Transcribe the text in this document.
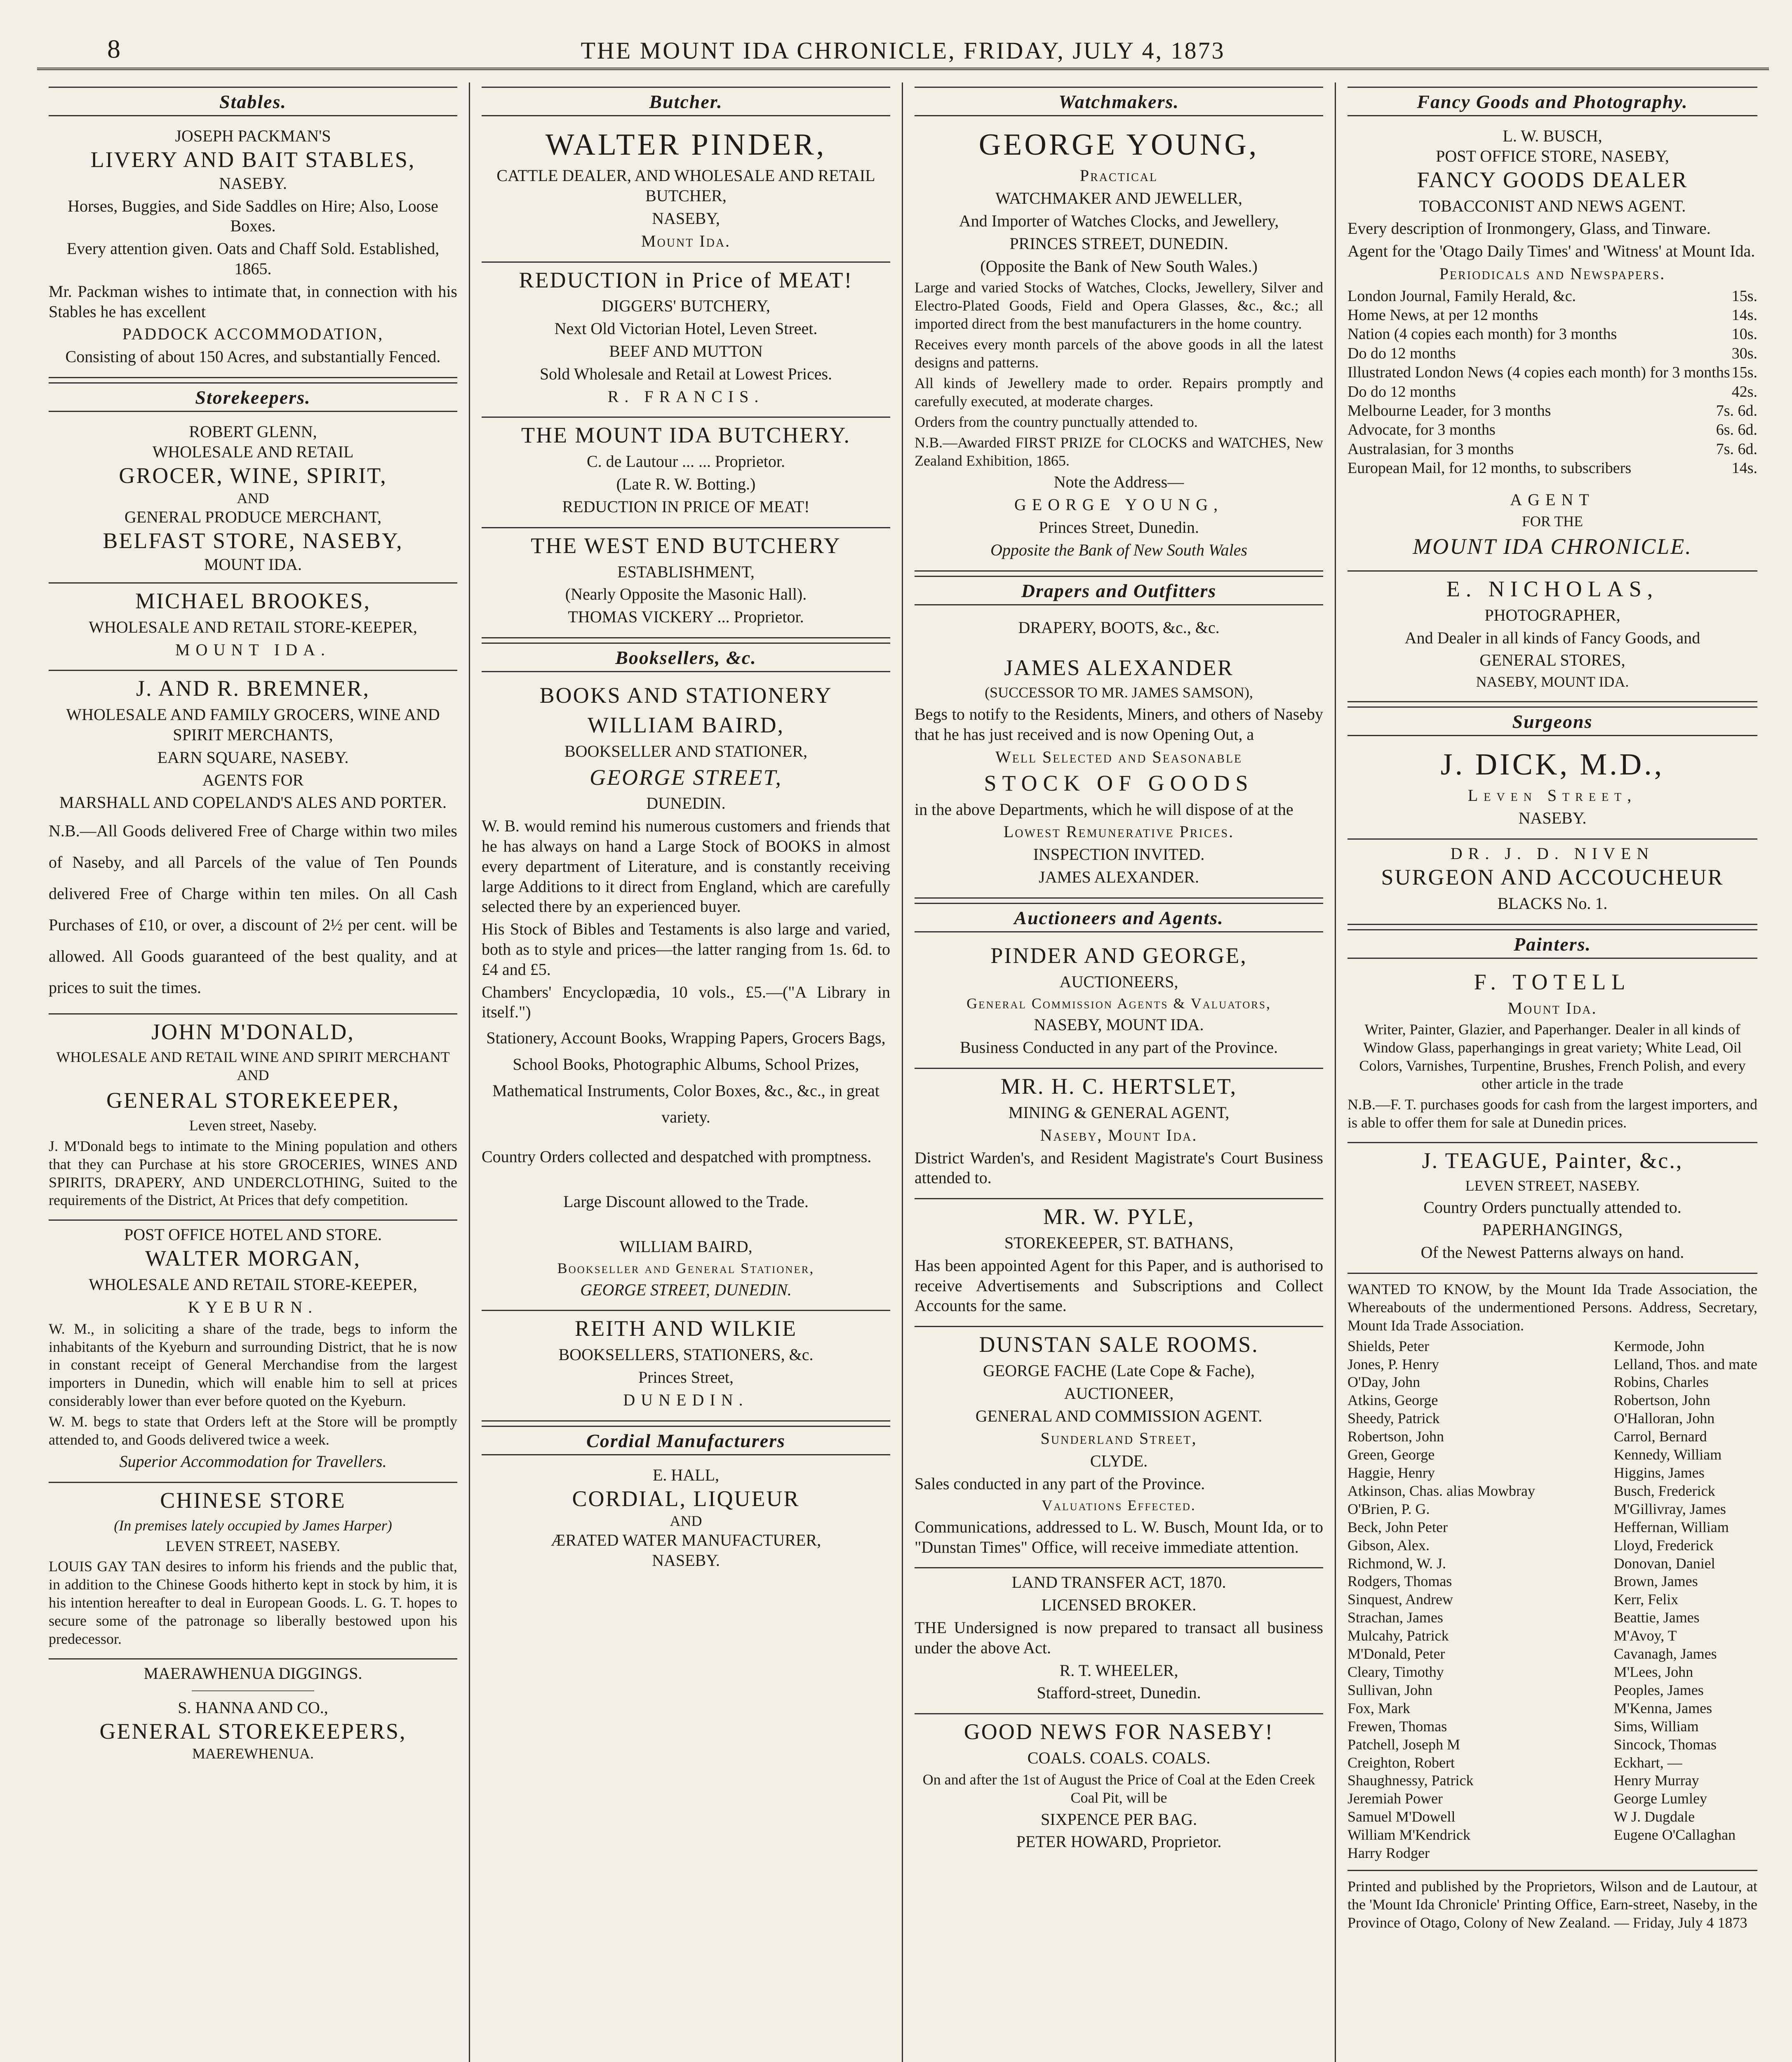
8	THE MOUNT IDA CHRONICLE, FRIDAY, JULY 4, 1873
Stables.
JOSEPH PACKMAN'S
LIVERY AND BAIT STABLES,
NASEBY.

Horses, Buggies, and Side Saddles on Hire; Also, Loose Boxes.

Every attention given. Oats and Chaff Sold. Established, 1865.

Mr. Packman wishes to intimate that, in connection with his Stables he has excellent

PADDOCK ACCOMMODATION,

Consisting of about 150 Acres, and substantially Fenced.

Storekeepers.
ROBERT GLENN,
WHOLESALE AND RETAIL
GROCER, WINE, SPIRIT,
AND
GENERAL PRODUCE MERCHANT,
BELFAST STORE, NASEBY,
MOUNT IDA.
MICHAEL BROOKES,

WHOLESALE AND RETAIL STORE-KEEPER,

MOUNT IDA.

J. AND R. BREMNER,

WHOLESALE AND FAMILY GROCERS, WINE AND SPIRIT MERCHANTS,

EARN SQUARE, NASEBY.

AGENTS FOR

MARSHALL AND COPELAND'S ALES AND PORTER.

N.B.—All Goods delivered Free of Charge within two miles of Naseby, and all Parcels of the value of Ten Pounds delivered Free of Charge within ten miles. On all Cash Purchases of £10, or over, a discount of 2½ per cent. will be allowed. All Goods guaranteed of the best quality, and at prices to suit the times.

JOHN M'DONALD,

WHOLESALE AND RETAIL WINE AND SPIRIT MERCHANT AND

GENERAL STOREKEEPER,

Leven street, Naseby.

J. M'Donald begs to intimate to the Mining population and others that they can Purchase at his store GROCERIES, WINES AND SPIRITS, DRAPERY, AND UNDERCLOTHING, Suited to the requirements of the District, At Prices that defy competition.

POST OFFICE HOTEL AND STORE.
WALTER MORGAN,

WHOLESALE AND RETAIL STORE-KEEPER,

KYEBURN.

W. M., in soliciting a share of the trade, begs to inform the inhabitants of the Kyeburn and surrounding District, that he is now in constant receipt of General Merchandise from the largest importers in Dunedin, which will enable him to sell at prices considerably lower than ever before quoted on the Kyeburn.

W. M. begs to state that Orders left at the Store will be promptly attended to, and Goods delivered twice a week.

Superior Accommodation for Travellers.

CHINESE STORE

(In premises lately occupied by James Harper)

LEVEN STREET, NASEBY.

LOUIS GAY TAN desires to inform his friends and the public that, in addition to the Chinese Goods hitherto kept in stock by him, it is his intention hereafter to deal in European Goods. L. G. T. hopes to secure some of the patronage so liberally bestowed upon his predecessor.

MAERAWHENUA DIGGINGS.
S. HANNA AND CO.,
GENERAL STOREKEEPERS,
MAEREWHENUA.
Butcher.
WALTER PINDER,

CATTLE DEALER, AND WHOLESALE AND RETAIL BUTCHER,

NASEBY,

Mount Ida.

REDUCTION in Price of MEAT!

DIGGERS' BUTCHERY,

Next Old Victorian Hotel, Leven Street.

BEEF AND MUTTON

Sold Wholesale and Retail at Lowest Prices.

R. FRANCIS.

THE MOUNT IDA BUTCHERY.

C. de Lautour ... ... Proprietor.

(Late R. W. Botting.)

REDUCTION IN PRICE OF MEAT!

THE WEST END BUTCHERY

ESTABLISHMENT,

(Nearly Opposite the Masonic Hall).

THOMAS VICKERY ... Proprietor.

Booksellers, &c.
BOOKS AND STATIONERY

WILLIAM BAIRD,

BOOKSELLER AND STATIONER,

GEORGE STREET,

DUNEDIN.

W. B. would remind his numerous customers and friends that he has always on hand a Large Stock of BOOKS in almost every department of Literature, and is constantly receiving large Additions to it direct from England, which are carefully selected there by an experienced buyer.

His Stock of Bibles and Testaments is also large and varied, both as to style and prices—the latter ranging from 1s. 6d. to £4 and £5.

Chambers' Encyclopædia, 10 vols., £5.—("A Library in itself.")

Stationery, Account Books, Wrapping Papers, Grocers Bags, School Books, Photographic Albums, School Prizes, Mathematical Instruments, Color Boxes, &c., &c., in great variety.

Country Orders collected and despatched with promptness.

Large Discount allowed to the Trade.

WILLIAM BAIRD,

Bookseller and General Stationer,

GEORGE STREET, DUNEDIN.

REITH AND WILKIE

BOOKSELLERS, STATIONERS, &c.

Princes Street,

DUNEDIN.

Cordial Manufacturers
E. HALL,
CORDIAL, LIQUEUR
AND
ÆRATED WATER MANUFACTURER,
NASEBY.
Watchmakers.
GEORGE YOUNG,

Practical

WATCHMAKER AND JEWELLER,

And Importer of Watches Clocks, and Jewellery,

PRINCES STREET, DUNEDIN.

(Opposite the Bank of New South Wales.)

Large and varied Stocks of Watches, Clocks, Jewellery, Silver and Electro-Plated Goods, Field and Opera Glasses, &c., &c.; all imported direct from the best manufacturers in the home country.

Receives every month parcels of the above goods in all the latest designs and patterns.

All kinds of Jewellery made to order. Repairs promptly and carefully executed, at moderate charges.

Orders from the country punctually attended to.

N.B.—Awarded FIRST PRIZE for CLOCKS and WATCHES, New Zealand Exhibition, 1865.

Note the Address—

GEORGE YOUNG,

Princes Street, Dunedin.

Opposite the Bank of New South Wales

Drapers and Outfitters

DRAPERY, BOOTS, &c., &c.

JAMES ALEXANDER

(SUCCESSOR TO MR. JAMES SAMSON),

Begs to notify to the Residents, Miners, and others of Naseby that he has just received and is now Opening Out, a

Well Selected and Seasonable

STOCK OF GOODS

in the above Departments, which he will dispose of at the

Lowest Remunerative Prices.

INSPECTION INVITED.

JAMES ALEXANDER.

Auctioneers and Agents.
PINDER AND GEORGE,

AUCTIONEERS,

General Commission Agents & Valuators,

NASEBY, MOUNT IDA.

Business Conducted in any part of the Province.

MR. H. C. HERTSLET,

MINING & GENERAL AGENT,

Naseby, Mount Ida.

District Warden's, and Resident Magistrate's Court Business attended to.

MR. W. PYLE,

STOREKEEPER, ST. BATHANS,

Has been appointed Agent for this Paper, and is authorised to receive Advertisements and Subscriptions and Collect Accounts for the same.

DUNSTAN SALE ROOMS.

GEORGE FACHE (Late Cope & Fache),

AUCTIONEER,

GENERAL AND COMMISSION AGENT.

Sunderland Street,

CLYDE.

Sales conducted in any part of the Province.

Valuations Effected.

Communications, addressed to L. W. Busch, Mount Ida, or to "Dunstan Times" Office, will receive immediate attention.

LAND TRANSFER ACT, 1870.

LICENSED BROKER.

THE Undersigned is now prepared to transact all business under the above Act.

R. T. WHEELER,

Stafford-street, Dunedin.

GOOD NEWS FOR NASEBY!

COALS. COALS. COALS.

On and after the 1st of August the Price of Coal at the Eden Creek Coal Pit, will be

SIXPENCE PER BAG.

PETER HOWARD, Proprietor.

Fancy Goods and Photography.
L. W. BUSCH,
POST OFFICE STORE, NASEBY,
FANCY GOODS DEALER

TOBACCONIST AND NEWS AGENT.

Every description of Ironmongery, Glass, and Tinware.

Agent for the 'Otago Daily Times' and 'Witness' at Mount Ida.

Periodicals and Newspapers.

London Journal, Family Herald, &c.	15s.
Home News, at per 12 months	14s.
Nation (4 copies each month) for 3 months	10s.
Do do 12 months	30s.
Illustrated London News (4 copies each month) for 3 months 15s.
Do do 12 months	42s.
Melbourne Leader, for 3 months	7s. 6d.
Advocate, for 3 months	6s. 6d.
Australasian, for 3 months	7s. 6d.
European Mail, for 12 months, to subscribers	14s.

AGENT

FOR THE

MOUNT IDA CHRONICLE.

E. NICHOLAS,

PHOTOGRAPHER,

And Dealer in all kinds of Fancy Goods, and

GENERAL STORES,

NASEBY, MOUNT IDA.

Surgeons
J. DICK, M.D.,

Leven Street,

NASEBY.

DR. J. D. NIVEN
SURGEON AND ACCOUCHEUR

BLACKS No. 1.

Painters.
F. TOTELL

Mount Ida.

Writer, Painter, Glazier, and Paperhanger. Dealer in all kinds of Window Glass, paperhangings in great variety; White Lead, Oil Colors, Varnishes, Turpentine, Brushes, French Polish, and every other article in the trade

N.B.—F. T. purchases goods for cash from the largest importers, and is able to offer them for sale at Dunedin prices.

J. TEAGUE, Painter, &c.,

LEVEN STREET, NASEBY.

Country Orders punctually attended to.

PAPERHANGINGS,

Of the Newest Patterns always on hand.

WANTED TO KNOW, by the Mount Ida Trade Association, the Whereabouts of the undermentioned Persons. Address, Secretary, Mount Ida Trade Association.

Shields, Peter
Jones, P. Henry
O'Day, John
Atkins, George
Sheedy, Patrick
Robertson, John
Green, George
Haggie, Henry
Atkinson, Chas. alias Mowbray
O'Brien, P. G.
Beck, John Peter
Gibson, Alex.
Richmond, W. J.
Rodgers, Thomas
Sinquest, Andrew
Strachan, James
Mulcahy, Patrick
M'Donald, Peter
Cleary, Timothy
Sullivan, John
Fox, Mark
Frewen, Thomas
Patchell, Joseph M
Creighton, Robert
Shaughnessy, Patrick
Jeremiah Power
Samuel M'Dowell
William M'Kendrick
Harry Rodger
Kermode, John
Lelland, Thos. and mate
Robins, Charles
Robertson, John
O'Halloran, John
Carrol, Bernard
Kennedy, William
Higgins, James
Busch, Frederick
M'Gillivray, James
Heffernan, William
Lloyd, Frederick
Donovan, Daniel
Brown, James
Kerr, Felix
Beattie, James
M'Avoy, T
Cavanagh, James
M'Lees, John
Peoples, James
M'Kenna, James
Sims, William
Sincock, Thomas
Eckhart, —
Henry Murray
George Lumley
W J. Dugdale
Eugene O'Callaghan

Printed and published by the Proprietors, Wilson and de Lautour, at the 'Mount Ida Chronicle' Printing Office, Earn-street, Naseby, in the Province of Otago, Colony of New Zealand. — Friday, July 4 1873
